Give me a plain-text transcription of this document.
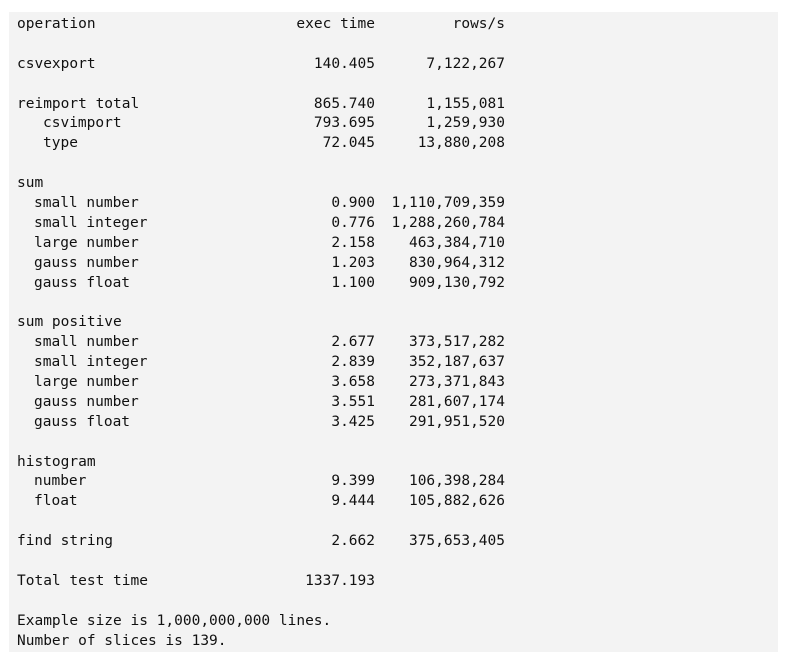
operation	exec time	rows/s
csvexport	140.405	7,122,267
reimport total	865.740	1,155,081
csvimport	793.695	1,259,930
type	72.045	13,880,208
sum
small number	0.900	1,110,709,359
small integer	0.776	1,288,260,784
large number	2.158	463,384,710
gauss number	1.203	830,964,312
gauss float	1.100	909,130,792
sum positive
small number	2.677	373,517,282
small integer	2.839	352,187,637
large number	3.658	273,371,843
gauss number	3.551	281,607,174
gauss float	3.425	291,951,520
histogram
number	9.399	106,398,284
float	9.444	105,882,626
find string	2.662	375,653,405
Total test time	1337.193
Example size is 1,000,000,000 lines.
Number of slices is 139.
